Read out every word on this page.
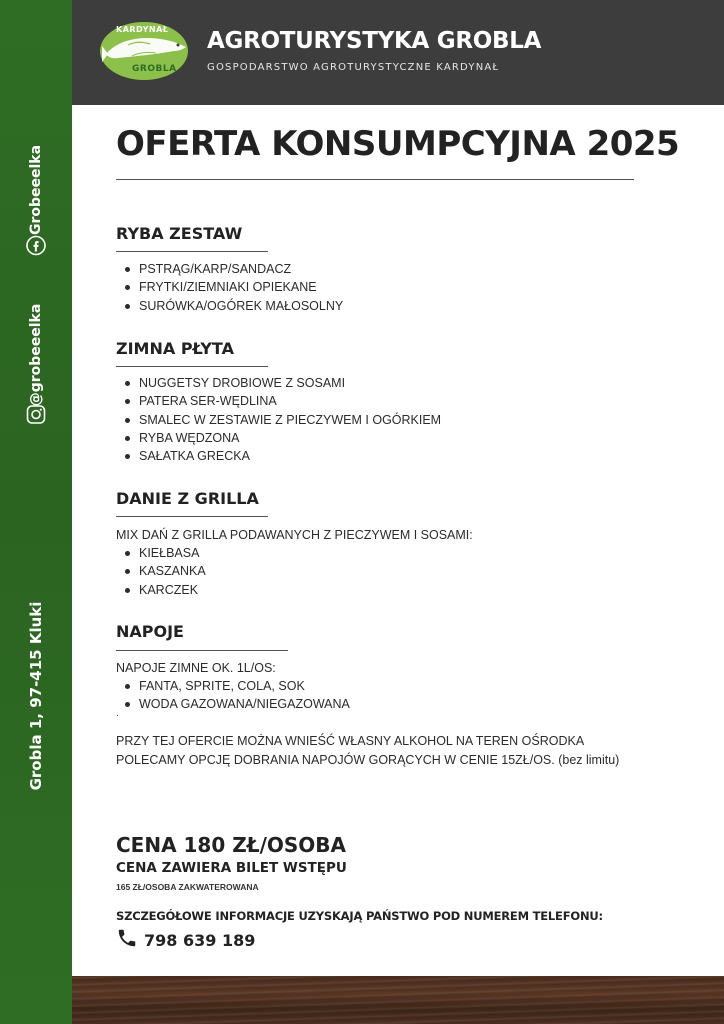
Grobeeelka
@grobeeelka
Grobla 1, 97-415 Kluki
KARDYNAŁ
GROBLA
AGROTURYSTYKA GROBLA
GOSPODARSTWO AGROTURYSTYCZNE KARDYNAŁ
OFERTA KONSUMPCYJNA 2025
RYBA ZESTAW
PSTRĄG/KARP/SANDACZ
FRYTKI/ZIEMNIAKI OPIEKANE
SURÓWKA/OGÓREK MAŁOSOLNY
ZIMNA PŁYTA
NUGGETSY DROBIOWE Z SOSAMI
PATERA SER-WĘDLINA
SMALEC W ZESTAWIE Z PIECZYWEM I OGÓRKIEM
RYBA WĘDZONA
SAŁATKA GRECKA
DANIE Z GRILLA
MIX DAŃ Z GRILLA PODAWANYCH Z PIECZYWEM I SOSAMI:
KIEŁBASA
KASZANKA
KARCZEK
NAPOJE
NAPOJE ZIMNE OK. 1L/OS:
FANTA, SPRITE, COLA, SOK
WODA GAZOWANA/NIEGAZOWANA
.
PRZY TEJ OFERCIE MOŻNA WNIEŚĆ WŁASNY ALKOHOL NA TEREN OŚRODKA
POLECAMY OPCJĘ DOBRANIA NAPOJÓW GORĄCYCH W CENIE 15ZŁ/OS. (bez limitu)
CENA 180 ZŁ/OSOBA
CENA ZAWIERA BILET WSTĘPU
165 ZŁ/OSOBA ZAKWATEROWANA
SZCZEGÓŁOWE INFORMACJE UZYSKAJĄ PAŃSTWO POD NUMEREM TELEFONU:
798 639 189
